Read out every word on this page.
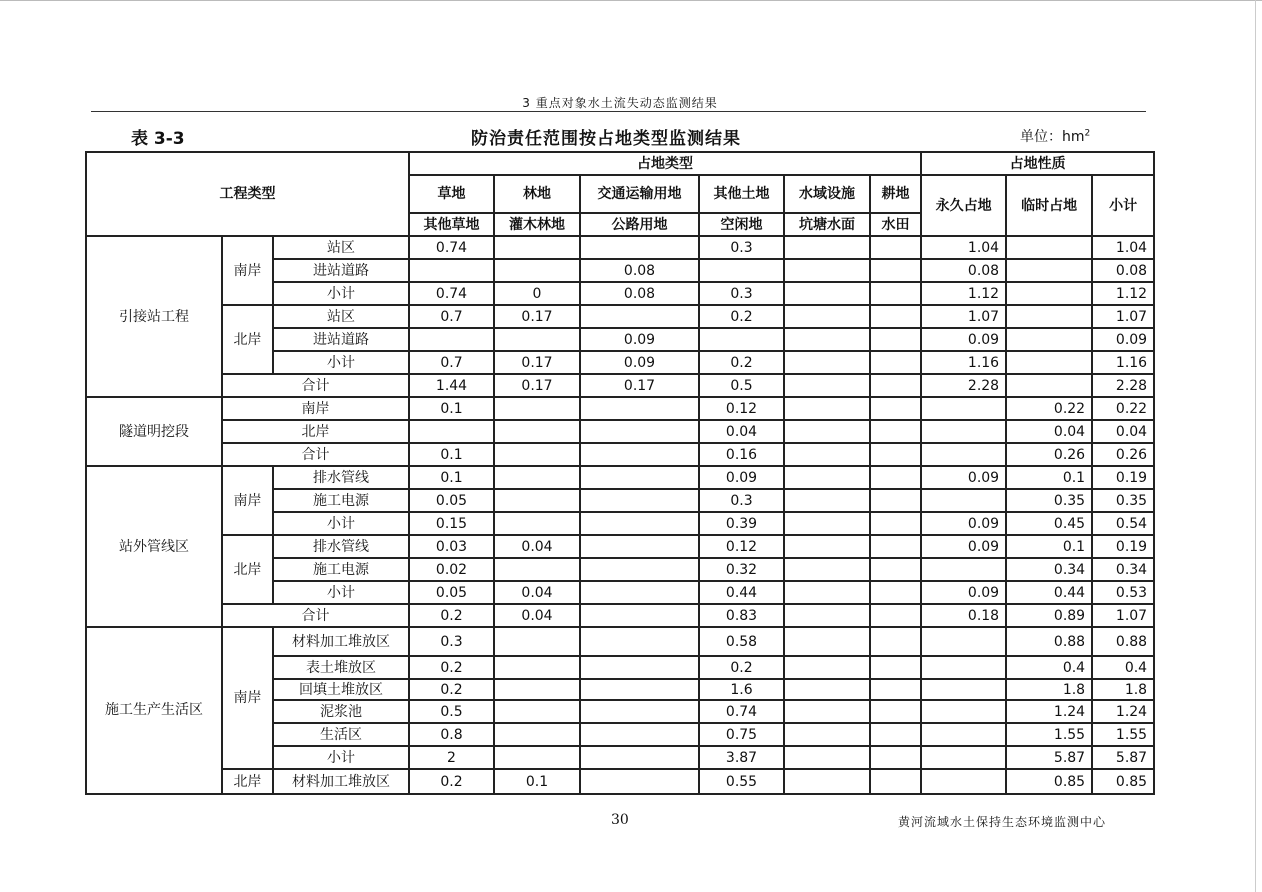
3 重点对象水土流失动态监测结果
表 3-3	防治责任范围按占地类型监测结果	单位：$hm^2$
工程类型			占地类型						占地性质		
			草地	林地	交通运输用地	其他土地	水域设施	耕地	永久占地	临时占地	小计
			其他草地	灌木林地	公路用地	空闲地	坑塘水面	水田			
引接站工程	南岸	站区	0.74			0.3			1.04		1.04
		进站道路			0.08				0.08		0.08
		小计	0.74	0	0.08	0.3			1.12		1.12
	北岸	站区	0.7	0.17		0.2			1.07		1.07
		进站道路			0.09				0.09		0.09
		小计	0.7	0.17	0.09	0.2			1.16		1.16
	合计		1.44	0.17	0.17	0.5			2.28		2.28
隧道明挖段	南岸		0.1			0.12				0.22	0.22
	北岸					0.04				0.04	0.04
	合计		0.1			0.16				0.26	0.26
站外管线区	南岸	排水管线	0.1			0.09			0.09	0.1	0.19
		施工电源	0.05			0.3				0.35	0.35
		小计	0.15			0.39			0.09	0.45	0.54
	北岸	排水管线	0.03	0.04		0.12			0.09	0.1	0.19
		施工电源	0.02			0.32				0.34	0.34
		小计	0.05	0.04		0.44			0.09	0.44	0.53
	合计		0.2	0.04		0.83			0.18	0.89	1.07
施工生产生活区	南岸	材料加工堆放区	0.3			0.58				0.88	0.88
		表土堆放区	0.2			0.2				0.4	0.4
		回填土堆放区	0.2			1.6				1.8	1.8
		泥浆池	0.5			0.74				1.24	1.24
		生活区	0.8			0.75				1.55	1.55
		小计	2			3.87				5.87	5.87
	北岸	材料加工堆放区	0.2	0.1		0.55				0.85	0.85
30	黄河流域水土保持生态环境监测中心
